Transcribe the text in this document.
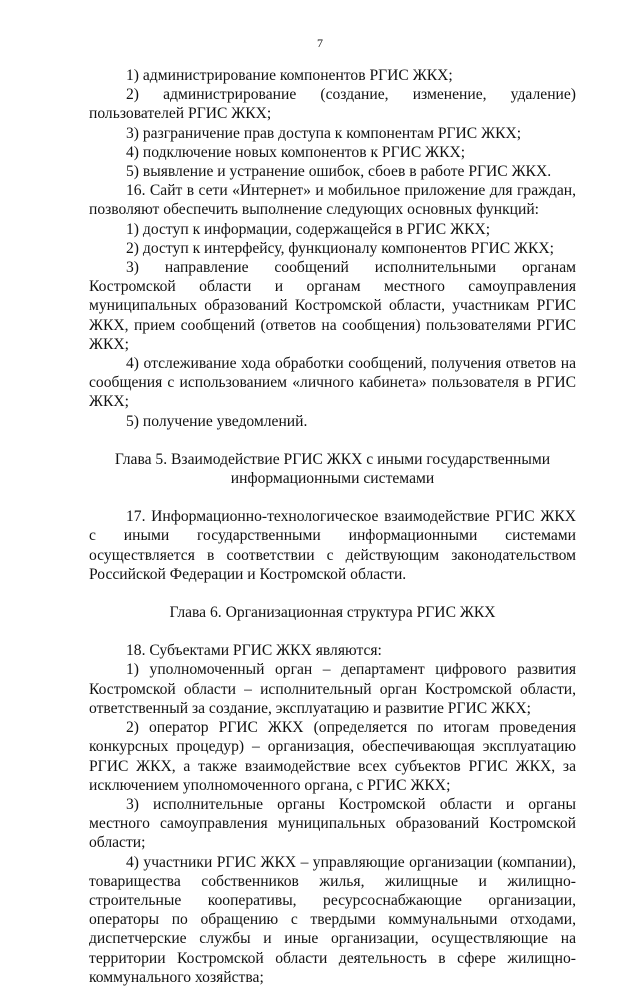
7

1) администрирование компонентов РГИС ЖКХ;

2) администрирование (создание, изменение, удаление) пользователей РГИС ЖКХ;

3) разграничение прав доступа к компонентам РГИС ЖКХ;

4) подключение новых компонентов к РГИС ЖКХ;

5) выявление и устранение ошибок, сбоев в работе РГИС ЖКХ.

16. Сайт в сети «Интернет» и мобильное приложение для граждан, позволяют обеспечить выполнение следующих основных функций:

1) доступ к информации, содержащейся в РГИС ЖКХ;

2) доступ к интерфейсу, функционалу компонентов РГИС ЖКХ;

3) направление сообщений исполнительными органам Костромской области и органам местного самоуправления муниципальных образований Костромской области, участникам РГИС ЖКХ, прием сообщений (ответов на сообщения) пользователями РГИС ЖКХ;

4) отслеживание хода обработки сообщений, получения ответов на сообщения с использованием «личного кабинета» пользователя в РГИС ЖКХ;

5) получение уведомлений.

Глава 5. Взаимодействие РГИС ЖКХ с иными государственными

информационными системами

17. Информационно-технологическое взаимодействие РГИС ЖКХ с иными государственными информационными системами осуществляется в соответствии с действующим законодательством Российской Федерации и Костромской области.

Глава 6. Организационная структура РГИС ЖКХ

18. Субъектами РГИС ЖКХ являются:

1) уполномоченный орган – департамент цифрового развития Костромской области – исполнительный орган Костромской области, ответственный за создание, эксплуатацию и развитие РГИС ЖКХ;

2) оператор РГИС ЖКХ (определяется по итогам проведения конкурсных процедур) – организация, обеспечивающая эксплуатацию РГИС ЖКХ, а также взаимодействие всех субъектов РГИС ЖКХ, за исключением уполномоченного органа, с РГИС ЖКХ;

3) исполнительные органы Костромской области и органы местного самоуправления муниципальных образований Костромской области;

4) участники РГИС ЖКХ – управляющие организации (компании), товарищества собственников жилья, жилищные и жилищно-строительные кооперативы, ресурсоснабжающие организации, операторы по обращению с твердыми коммунальными отходами, диспетчерские службы и иные организации, осуществляющие на территории Костромской области деятельность в сфере жилищно-коммунального хозяйства;
